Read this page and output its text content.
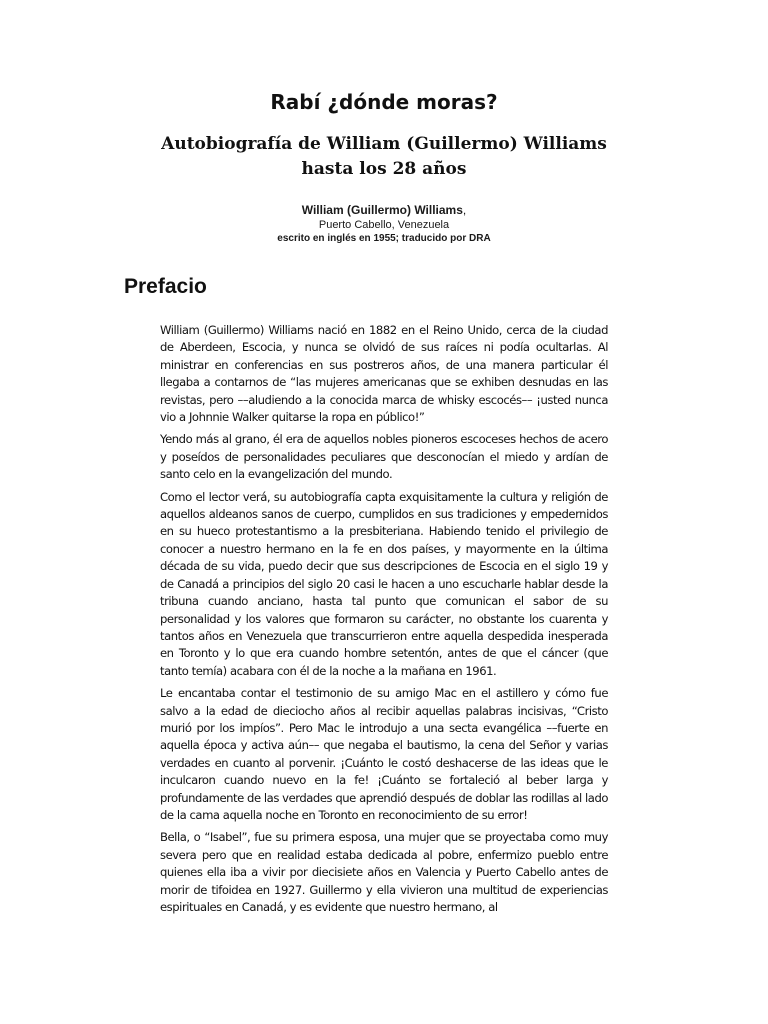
Rabí ¿dónde moras?
Autobiografía de William (Guillermo) Williams
hasta los 28 años
William (Guillermo) Williams,
Puerto Cabello, Venezuela
escrito en inglés en 1955; traducido por DRA
Prefacio

William (Guillermo) Williams nació en 1882 en el Reino Unido, cerca de la ciudad de Aberdeen, Escocia, y nunca se olvidó de sus raíces ni podía ocultarlas. Al ministrar en conferencias en sus postreros años, de una manera particular él llegaba a contarnos de “las mujeres americanas que se exhiben desnudas en las revistas, pero ––aludiendo a la conocida marca de whisky escocés–– ¡usted nunca vio a Johnnie Walker quitarse la ropa en público!”

Yendo más al grano, él era de aquellos nobles pioneros escoceses hechos de acero y poseídos de personalidades peculiares que desconocían el miedo y ardían de santo celo en la evangelización del mundo.

Como el lector verá, su autobiografía capta exquisitamente la cultura y religión de aquellos aldeanos sanos de cuerpo, cumplidos en sus tradiciones y empedernidos en su hueco protestantismo a la presbiteriana. Habiendo tenido el privilegio de conocer a nuestro hermano en la fe en dos países, y mayormente en la última década de su vida, puedo decir que sus descripciones de Escocia en el siglo 19 y de Canadá a principios del siglo 20 casi le hacen a uno escucharle hablar desde la tribuna cuando anciano, hasta tal punto que comunican el sabor de su personalidad y los valores que formaron su carácter, no obstante los cuarenta y tantos años en Venezuela que transcurrieron entre aquella despedida inesperada en Toronto y lo que era cuando hombre setentón, antes de que el cáncer (que tanto temía) acabara con él de la noche a la mañana en 1961.

Le encantaba contar el testimonio de su amigo Mac en el astillero y cómo fue salvo a la edad de dieciocho años al recibir aquellas palabras incisivas, “Cristo murió por los impíos”. Pero Mac le introdujo a una secta evangélica ––fuerte en aquella época y activa aún–– que negaba el bautismo, la cena del Señor y varias verdades en cuanto al porvenir. ¡Cuánto le costó deshacerse de las ideas que le inculcaron cuando nuevo en la fe! ¡Cuánto se fortaleció al beber larga y profundamente de las verdades que aprendió después de doblar las rodillas al lado de la cama aquella noche en Toronto en reconocimiento de su error!

Bella, o “Isabel”, fue su primera esposa, una mujer que se proyectaba como muy severa pero que en realidad estaba dedicada al pobre, enfermizo pueblo entre quienes ella iba a vivir por diecisiete años en Valencia y Puerto Cabello antes de morir de tifoidea en 1927. Guillermo y ella vivieron una multitud de experiencias espirituales en Canadá, y es evidente que nuestro hermano, al
